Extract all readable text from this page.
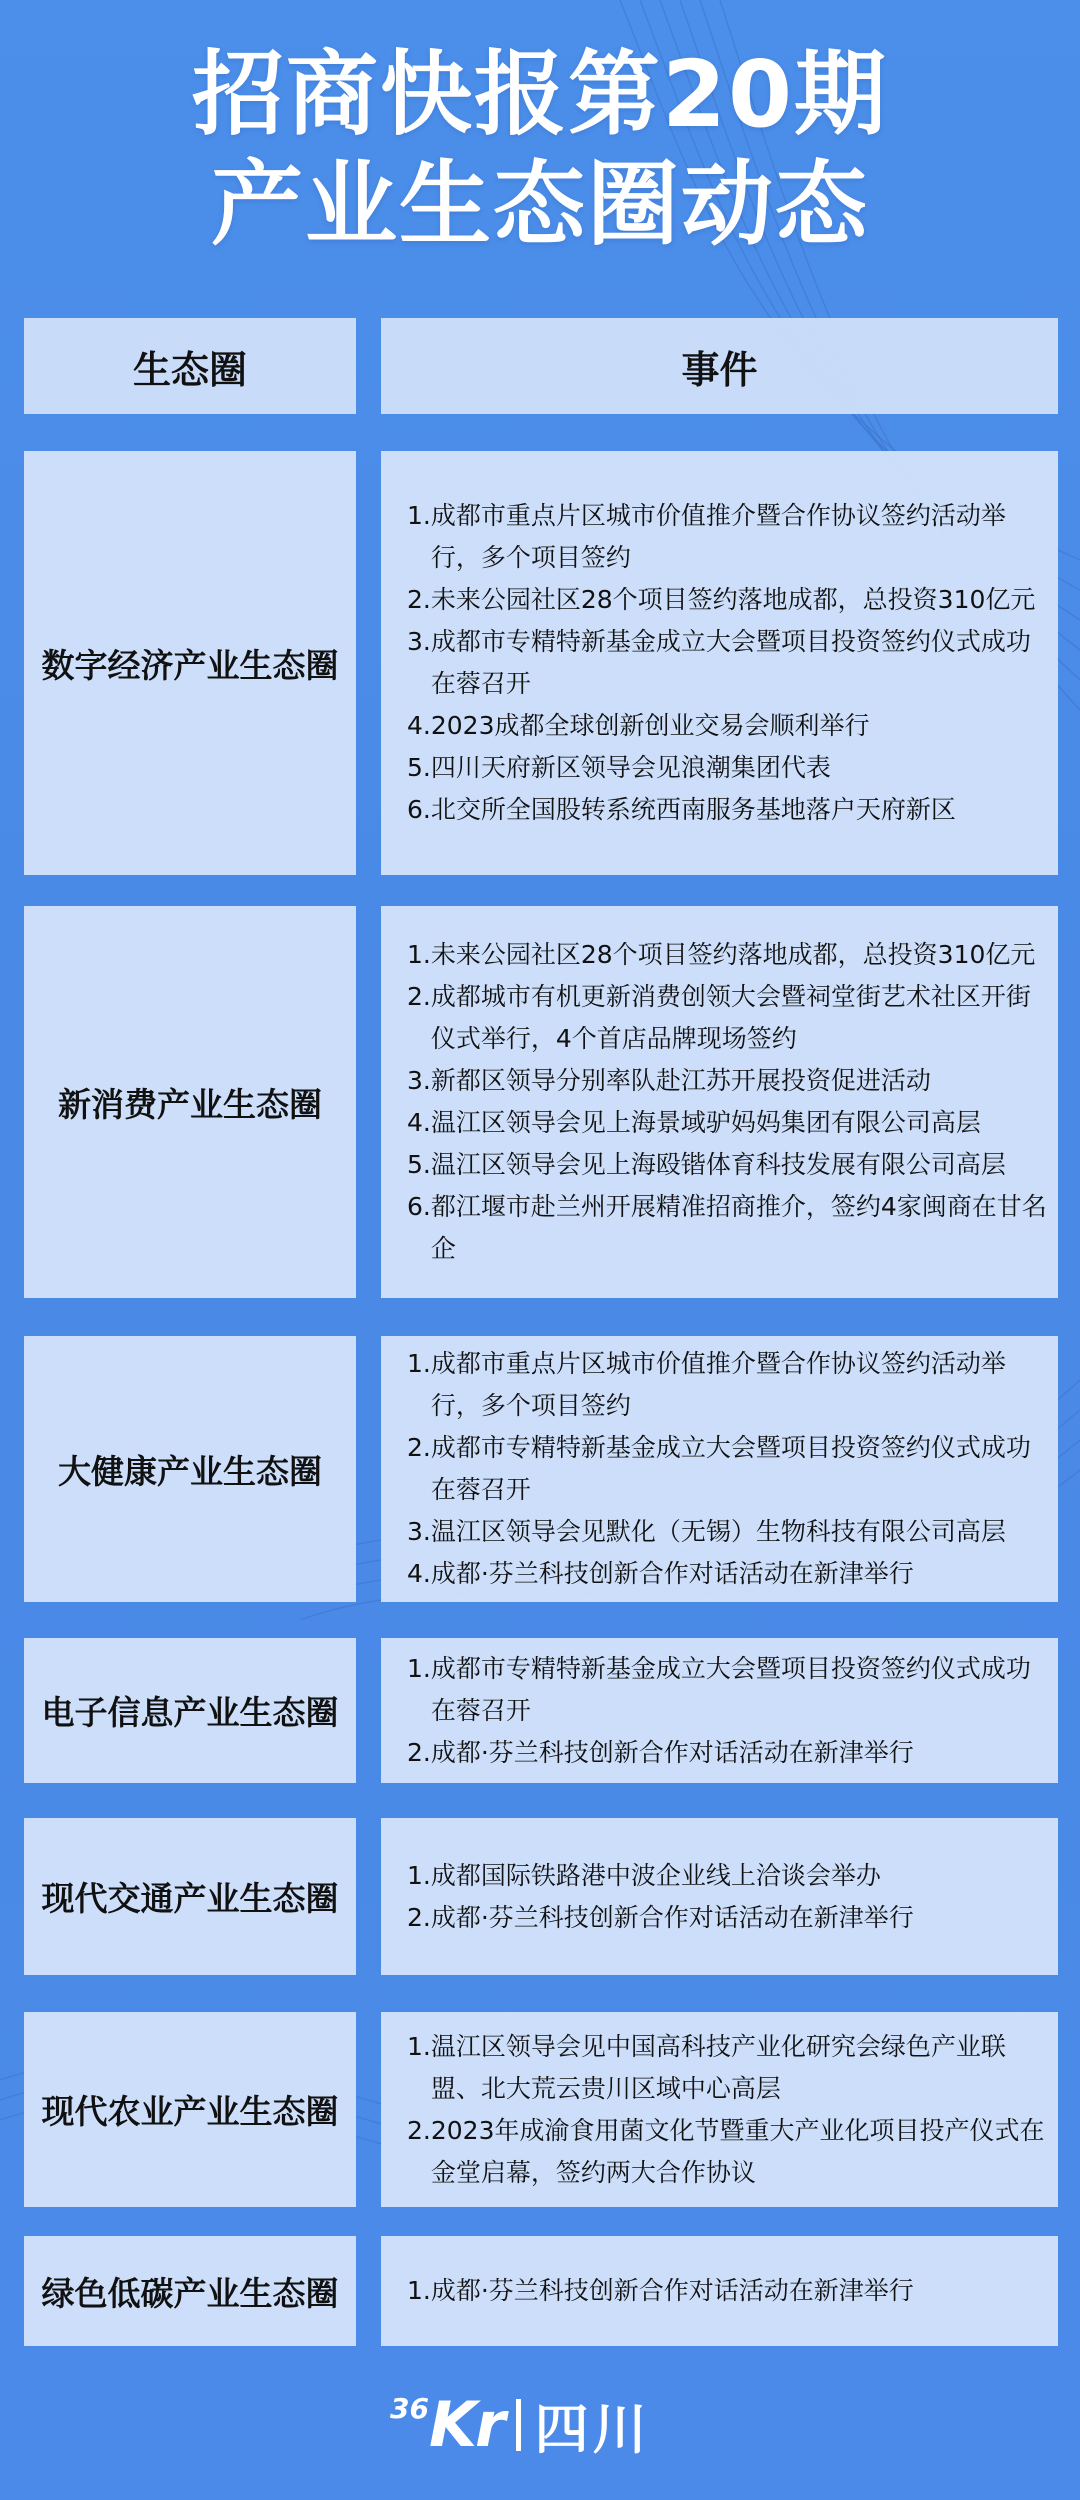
招商快报第20期
产业生态圈动态
生态圈	事件
数字经济产业生态圈
1. 成都市重点片区城市价值推介暨合作协议签约活动举行，多个项目签约
2. 未来公园社区28个项目签约落地成都，总投资310亿元
3. 成都市专精特新基金成立大会暨项目投资签约仪式成功在蓉召开
4. 2023成都全球创新创业交易会顺利举行
5. 四川天府新区领导会见浪潮集团代表
6. 北交所全国股转系统西南服务基地落户天府新区
新消费产业生态圈
1. 未来公园社区28个项目签约落地成都，总投资310亿元
2. 成都城市有机更新消费创领大会暨祠堂街艺术社区开街仪式举行，4个首店品牌现场签约
3. 新都区领导分别率队赴江苏开展投资促进活动
4. 温江区领导会见上海景域驴妈妈集团有限公司高层
5. 温江区领导会见上海殴锴体育科技发展有限公司高层
6. 都江堰市赴兰州开展精准招商推介，签约4家闽商在甘名企
大健康产业生态圈
1. 成都市重点片区城市价值推介暨合作协议签约活动举行，多个项目签约
2. 成都市专精特新基金成立大会暨项目投资签约仪式成功在蓉召开
3. 温江区领导会见默化（无锡）生物科技有限公司高层
4. 成都·芬兰科技创新合作对话活动在新津举行
电子信息产业生态圈
1. 成都市专精特新基金成立大会暨项目投资签约仪式成功在蓉召开
2. 成都·芬兰科技创新合作对话活动在新津举行
现代交通产业生态圈
1. 成都国际铁路港中波企业线上洽谈会举办
2. 成都·芬兰科技创新合作对话活动在新津举行
现代农业产业生态圈
1. 温江区领导会见中国高科技产业化研究会绿色产业联盟、北大荒云贵川区域中心高层
2. 2023年成渝食用菌文化节暨重大产业化项目投产仪式在金堂启幕，签约两大合作协议
绿色低碳产业生态圈	1. 成都·芬兰科技创新合作对话活动在新津举行
36 Kr 四川
